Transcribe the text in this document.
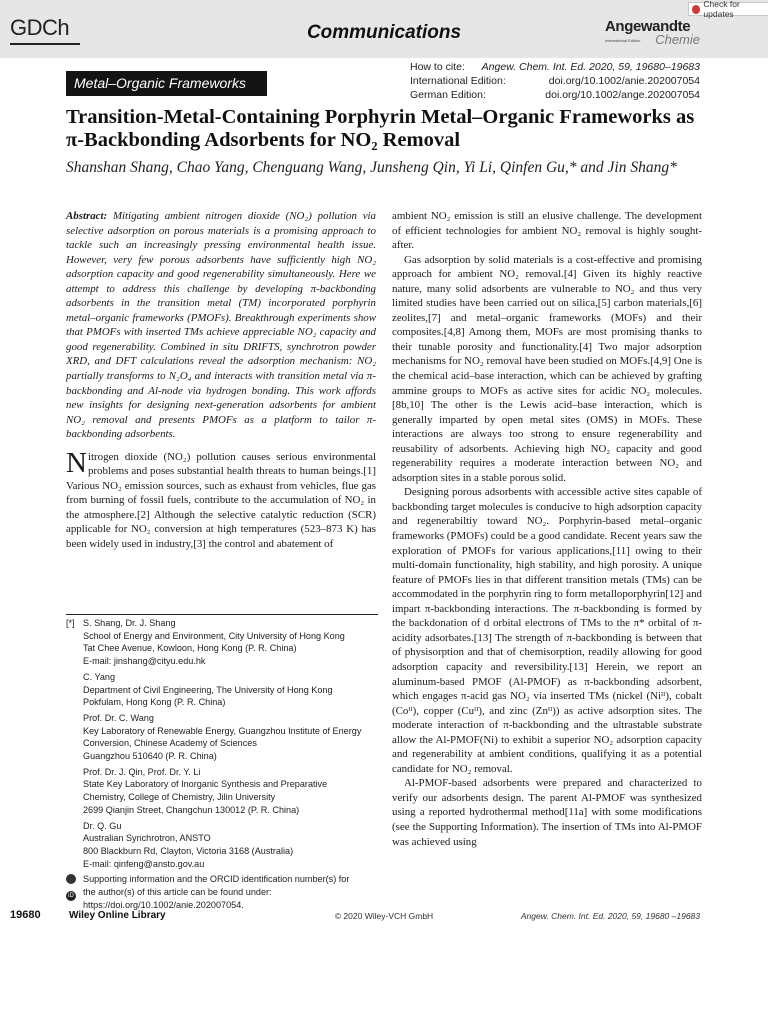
GDCh	Communications	Angewandte
International Edition Chemie
Check for updates
Metal–Organic Frameworks
How to cite: Angew. Chem. Int. Ed. 2020, 59, 19680–19683
International Edition:	doi.org/10.1002/anie.202007054
German Edition:	doi.org/10.1002/ange.202007054
Transition-Metal-Containing Porphyrin Metal–Organic Frameworks as
π-Backbonding Adsorbents for NO₂ Removal
Shanshan Shang, Chao Yang, Chenguang Wang, Junsheng Qin, Yi Li, Qinfen Gu,* and Jin Shang*

Abstract: Mitigating ambient nitrogen dioxide (NO₂) pollution via selective adsorption on porous materials is a promising approach to tackle such an increasingly pressing environmental health issue. However, very few porous adsorbents have sufficiently high NO₂ adsorption capacity and good regenerability simultaneously. Here we attempt to address this challenge by developing π-backbonding adsorbents in the transition metal (TM) incorporated porphyrin metal–organic frameworks (PMOFs). Breakthrough experiments show that PMOFs with inserted TMs achieve appreciable NO₂ capacity and good regenerability. Combined in situ DRIFTS, synchrotron powder XRD, and DFT calculations reveal the adsorption mechanism: NO₂ partially transforms to N₂O₄ and interacts with transition metal via π-backbonding and Al-node via hydrogen bonding. This work affords new insights for designing next-generation adsorbents for ambient NO₂ removal and presents PMOFs as a platform to tailor π-backbonding adsorbents.

Nitrogen dioxide (NO₂) pollution causes serious environmental problems and poses substantial health threats to human beings.[1] Various NO₂ emission sources, such as exhaust from vehicles, flue gas from burning of fossil fuels, contribute to the accumulation of NO₂ in the atmosphere.[2] Although the selective catalytic reduction (SCR) applicable for NO₂ conversion at high temperatures (523–873 K) has been widely used in industry,[3] the control and abatement of

ambient NO₂ emission is still an elusive challenge. The development of efficient technologies for ambient NO₂ removal is highly sought-after.

Gas adsorption by solid materials is a cost-effective and promising approach for ambient NO₂ removal.[4] Given its highly reactive nature, many solid adsorbents are vulnerable to NO₂ and thus very limited studies have been carried out on silica,[5] carbon materials,[6] zeolites,[7] and metal–organic frameworks (MOFs) and their composites.[4,8] Among them, MOFs are most promising thanks to their tunable porosity and functionality.[4] Two major adsorption mechanisms for NO₂ removal have been studied on MOFs.[4,9] One is the chemical acid–base interaction, which can be achieved by grafting ammine groups to MOFs as active sites for acidic NO₂ molecules.[8b,10] The other is the Lewis acid–base interaction, which is generally imparted by open metal sites (OMS) in MOFs. These interactions are always too strong to ensure regenerability and reusability of adsorbents. Achieving high NO₂ capacity and good regenerability requires a moderate interaction between NO₂ and adsorption sites in a stable porous solid.

Designing porous adsorbents with accessible active sites capable of backbonding target molecules is conducive to high adsorption capacity and regenerabiltiy toward NO₂. Porphyrin-based metal–organic frameworks (PMOFs) could be a good candidate. Recent years saw the exploration of PMOFs for various applications,[11] owing to their multi-domain functionality, high stability, and high porosity. A unique feature of PMOFs lies in that different transition metals (TMs) can be accommodated in the porphyrin ring to form metalloporphyrin[12] and impart π-backbonding interactions. The π-backbonding is formed by the backdonation of d orbital electrons of TMs to the π* orbital of π-acidity adsorbates.[13] The strength of π-backbonding is between that of physisorption and that of chemisorption, readily allowing for good adsorption capacity and reversibility.[13] Herein, we report an aluminum-based PMOF (Al-PMOF) as π-backbonding adsorbent, which engages π-acid gas NO₂ via inserted TMs (nickel (Niᴵᴵ), cobalt (Coᴵᴵ), copper (Cuᴵᴵ), and zinc (Znᴵᴵ)) as active adsorption sites. The moderate interaction of π-backbonding and the ultrastable substrate allow the Al-PMOF(Ni) to exhibit a superior NO₂ adsorption capacity and regenerability at ambient conditions, qualifying it as a potential candidate for NO₂ removal.

Al-PMOF-based adsorbents were prepared and characterized to verify our adsorbents design. The parent Al-PMOF was synthesized using a reported hydrothermal method[11a] with some modifications (see the Supporting Information). The insertion of TMs into Al-PMOF was achieved using

[*] S. Shang, Dr. J. Shang
School of Energy and Environment, City University of Hong Kong
Tat Chee Avenue, Kowloon, Hong Kong (P. R. China)
E-mail: jinshang@cityu.edu.hk
C. Yang
Department of Civil Engineering, The University of Hong Kong
Pokfulam, Hong Kong (P. R. China)
Prof. Dr. C. Wang
Key Laboratory of Renewable Energy, Guangzhou Institute of Energy
Conversion, Chinese Academy of Sciences
Guangzhou 510640 (P. R. China)
Prof. Dr. J. Qin, Prof. Dr. Y. Li
State Key Laboratory of Inorganic Synthesis and Preparative
Chemistry, College of Chemistry, Jilin University
2699 Qianjin Street, Changchun 130012 (P. R. China)
Dr. Q. Gu
Australian Synchrotron, ANSTO
800 Blackburn Rd, Clayton, Victoria 3168 (Australia)
E-mail: qinfeng@ansto.gov.au
iD
Supporting information and the ORCID identification number(s) for
the author(s) of this article can be found under:
https://doi.org/10.1002/anie.202007054.
19680	Wiley Online Library	© 2020 Wiley-VCH GmbH	Angew. Chem. Int. Ed. 2020, 59, 19680 –19683
